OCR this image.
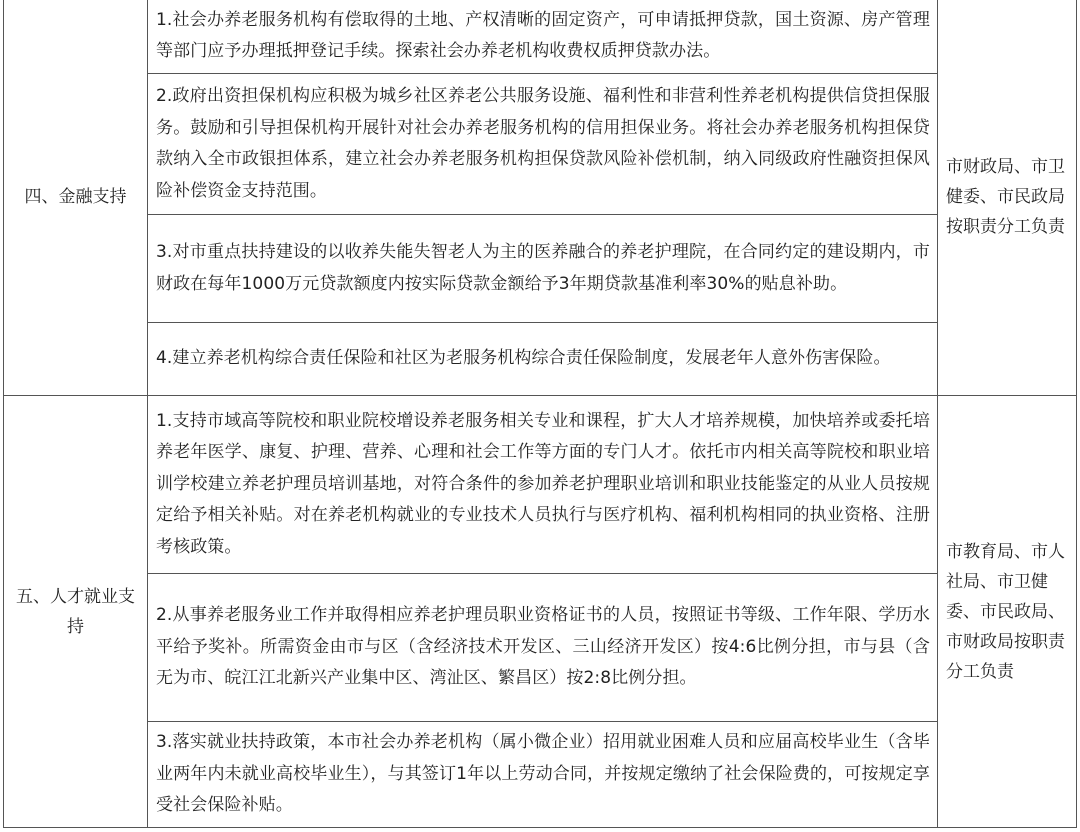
四、金融支持	1.社会办养老服务机构有偿取得的土地、产权清晰的固定资产，可申请抵押贷款，国土资源、房产管理等部门应予办理抵押登记手续。探索社会办养老机构收费权质押贷款办法。	市财政局、市卫健委、市民政局按职责分工负责

	2.政府出资担保机构应积极为城乡社区养老公共服务设施、福利性和非营利性养老机构提供信贷担保服务。鼓励和引导担保机构开展针对社会办养老服务机构的信用担保业务。将社会办养老服务机构担保贷款纳入全市政银担体系，建立社会办养老服务机构担保贷款风险补偿机制，纳入同级政府性融资担保风险补偿资金支持范围。	
	3.对市重点扶持建设的以收养失能失智老人为主的医养融合的养老护理院，在合同约定的建设期内，市财政在每年1000万元贷款额度内按实际贷款金额给予3年期贷款基准利率30%的贴息补助。	
	4.建立养老机构综合责任保险和社区为老服务机构综合责任保险制度，发展老年人意外伤害保险。	

五、人才就业支持	1.支持市域高等院校和职业院校增设养老服务相关专业和课程，扩大人才培养规模，加快培养或委托培养老年医学、康复、护理、营养、心理和社会工作等方面的专门人才。依托市内相关高等院校和职业培训学校建立养老护理员培训基地，对符合条件的参加养老护理职业培训和职业技能鉴定的从业人员按规定给予相关补贴。对在养老机构就业的专业技术人员执行与医疗机构、福利机构相同的执业资格、注册考核政策。	市教育局、市人社局、市卫健委、市民政局、市财政局按职责分工负责

	2.从事养老服务业工作并取得相应养老护理员职业资格证书的人员，按照证书等级、工作年限、学历水平给予奖补。所需资金由市与区（含经济技术开发区、三山经济开发区）按4:6比例分担，市与县（含无为市、皖江江北新兴产业集中区、湾沚区、繁昌区）按2:8比例分担。	
	3.落实就业扶持政策，本市社会办养老机构（属小微企业）招用就业困难人员和应届高校毕业生（含毕业两年内未就业高校毕业生），与其签订1年以上劳动合同，并按规定缴纳了社会保险费的，可按规定享受社会保险补贴。	
